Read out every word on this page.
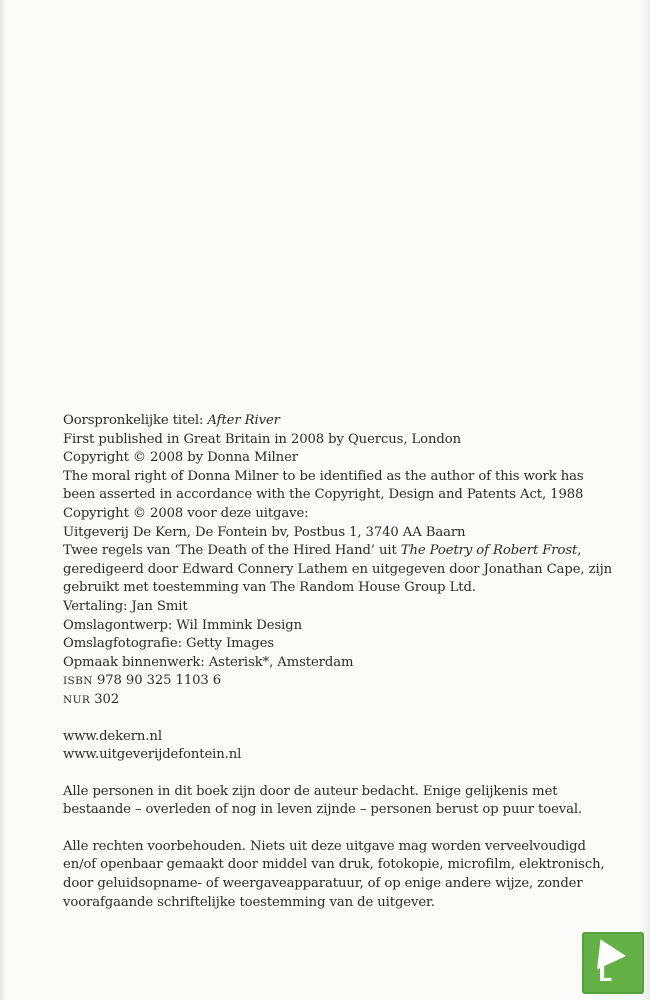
Oorspronkelijke titel: After River
First published in Great Britain in 2008 by Quercus, London
Copyright © 2008 by Donna Milner
The moral right of Donna Milner to be identified as the author of this work has
been asserted in accordance with the Copyright, Design and Patents Act, 1988
Copyright © 2008 voor deze uitgave:
Uitgeverij De Kern, De Fontein bv, Postbus 1, 3740 AA Baarn
Twee regels van ‘The Death of the Hired Hand’ uit The Poetry of Robert Frost,
geredigeerd door Edward Connery Lathem en uitgegeven door Jonathan Cape, zijn
gebruikt met toestemming van The Random House Group Ltd.
Vertaling: Jan Smit
Omslagontwerp: Wil Immink Design
Omslagfotografie: Getty Images
Opmaak binnenwerk: Asterisk*, Amsterdam
ISBN 978 90 325 1103 6
NUR 302
www.dekern.nl
www.uitgeverijdefontein.nl
Alle personen in dit boek zijn door de auteur bedacht. Enige gelijkenis met
bestaande – overleden of nog in leven zijnde – personen berust op puur toeval.
Alle rechten voorbehouden. Niets uit deze uitgave mag worden verveelvoudigd
en/of openbaar gemaakt door middel van druk, fotokopie, microfilm, elektronisch,
door geluidsopname- of weergaveapparatuur, of op enige andere wijze, zonder
voorafgaande schriftelijke toestemming van de uitgever.
L
